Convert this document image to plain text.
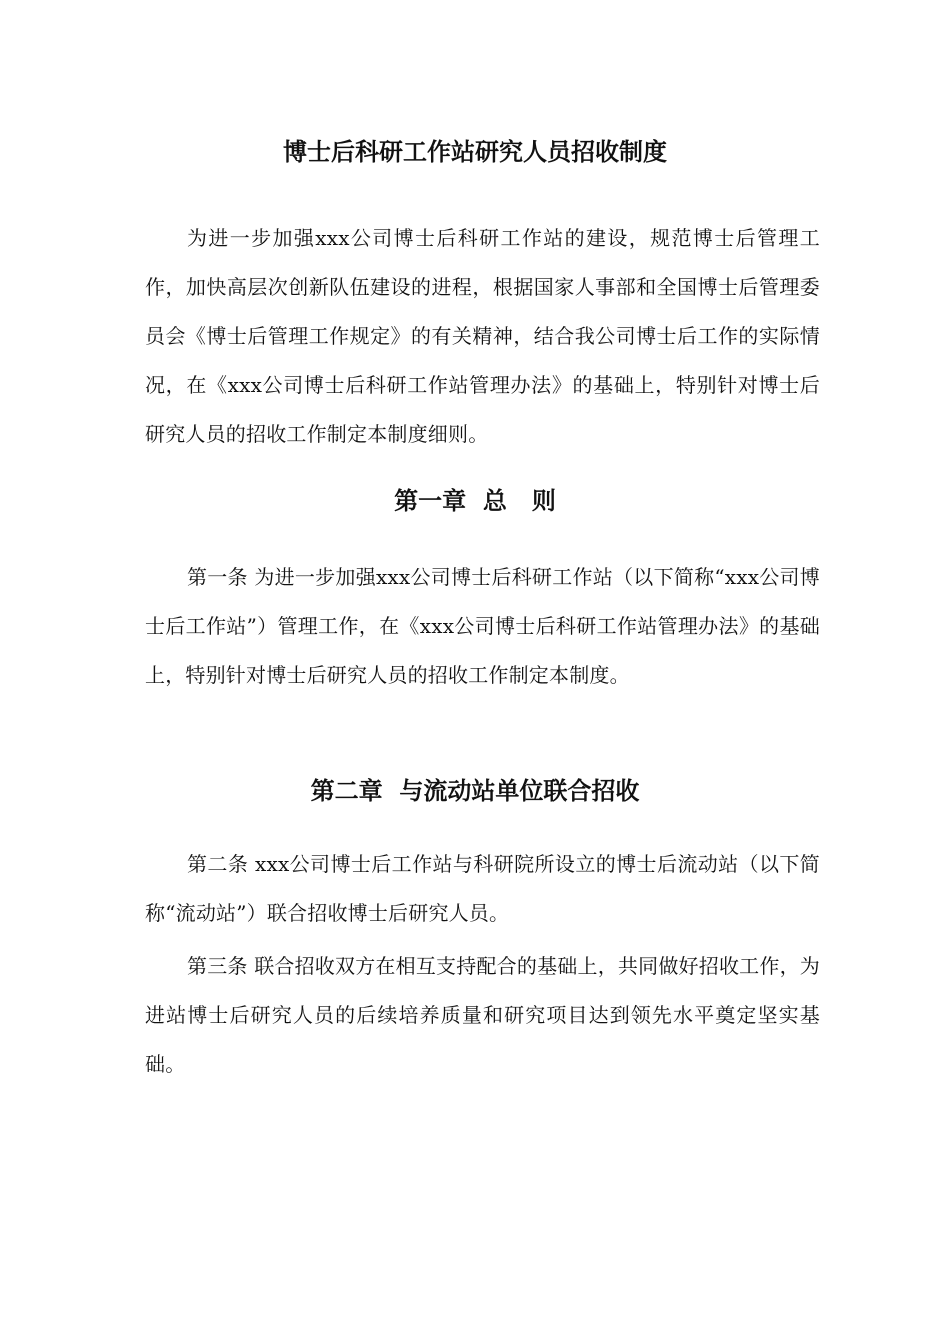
博士后科研工作站研究人员招收制度

为进一步加强xxx公司博士后科研工作站的建设，规范博士后管理工作，加快高层次创新队伍建设的进程，根据国家人事部和全国博士后管理委员会《博士后管理工作规定》的有关精神，结合我公司博士后工作的实际情况，在《xxx公司博士后科研工作站管理办法》的基础上，特别针对博士后研究人员的招收工作制定本制度细则。

第一章  总   则

第一条 为进一步加强xxx公司博士后科研工作站（以下简称“xxx公司博士后工作站”）管理工作，在《xxx公司博士后科研工作站管理办法》的基础上，特别针对博士后研究人员的招收工作制定本制度。

第二章  与流动站单位联合招收

第二条 xxx公司博士后工作站与科研院所设立的博士后流动站（以下简称“流动站”）联合招收博士后研究人员。

第三条 联合招收双方在相互支持配合的基础上，共同做好招收工作，为进站博士后研究人员的后续培养质量和研究项目达到领先水平奠定坚实基础。
